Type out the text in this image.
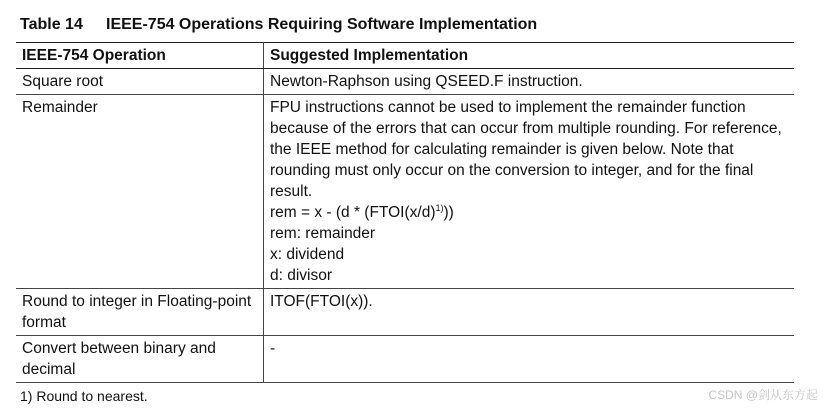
Table 14 IEEE-754 Operations Requiring Software Implementation
IEEE-754 Operation	Suggested Implementation
Square root	Newton-Raphson using QSEED.F instruction.
Remainder	FPU instructions cannot be used to implement the remainder function because of the errors that can occur from multiple rounding. For reference, the IEEE method for calculating remainder is given below. Note that rounding must only occur on the conversion to integer, and for the final result.
rem = x - $(d * (FTOI(x/d)^{1)}))$
rem: remainder
x: dividend
d: divisor

Round to integer in Floating-point format	ITOF(FTOI(x)).
Convert between binary and decimal	-
1) Round to nearest.	CSDN @剑从东方起
